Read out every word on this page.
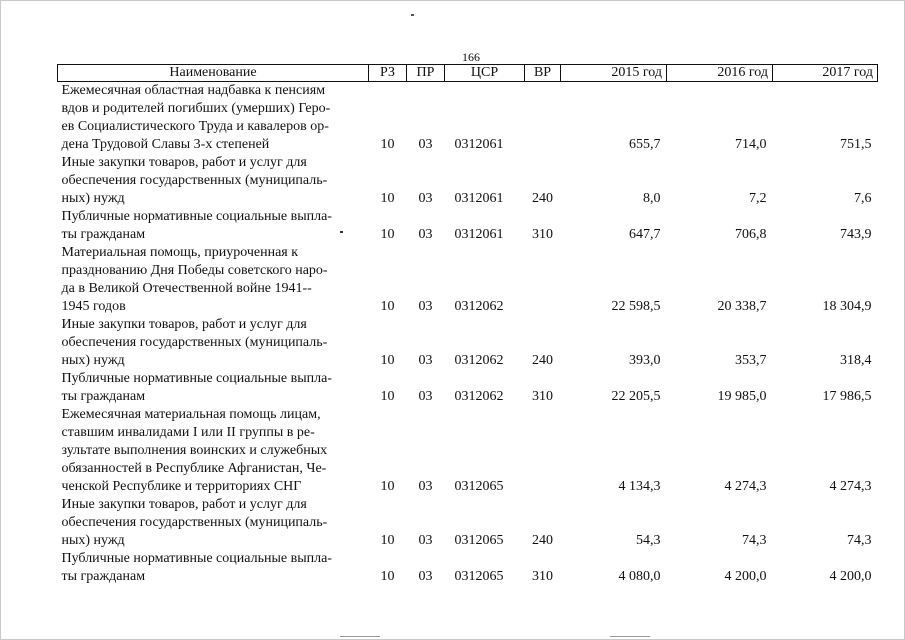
166
Наименование	РЗ	ПР	ЦСР	ВР	2015 год	2016 год	2017 год

Ежемесячная областная надбавка к пенсиям
вдов и родителей погибших (умерших) Геро-
ев Социалистического Труда и кавалеров ор-
дена Трудовой Славы 3-х степеней	10	03	0312061		655,7	714,0	751,5

Иные закупки товаров, работ и услуг для
обеспечения государственных (муниципаль-
ных) нужд	10	03	0312061	240	8,0	7,2	7,6

Публичные нормативные социальные выпла-
ты гражданам	10	03	0312061	310	647,7	706,8	743,9

Материальная помощь, приуроченная к
празднованию Дня Победы советского наро-
да в Великой Отечественной войне 1941--
1945 годов	10	03	0312062		22 598,5	20 338,7	18 304,9

Иные закупки товаров, работ и услуг для
обеспечения государственных (муниципаль-
ных) нужд	10	03	0312062	240	393,0	353,7	318,4

Публичные нормативные социальные выпла-
ты гражданам	10	03	0312062	310	22 205,5	19 985,0	17 986,5

Ежемесячная материальная помощь лицам,
ставшим инвалидами I или II группы в ре-
зультате выполнения воинских и служебных
обязанностей в Республике Афганистан, Че-
ченской Республике и территориях СНГ	10	03	0312065		4 134,3	4 274,3	4 274,3

Иные закупки товаров, работ и услуг для
обеспечения государственных (муниципаль-
ных) нужд	10	03	0312065	240	54,3	74,3	74,3

Публичные нормативные социальные выпла-
ты гражданам	10	03	0312065	310	4 080,0	4 200,0	4 200,0
